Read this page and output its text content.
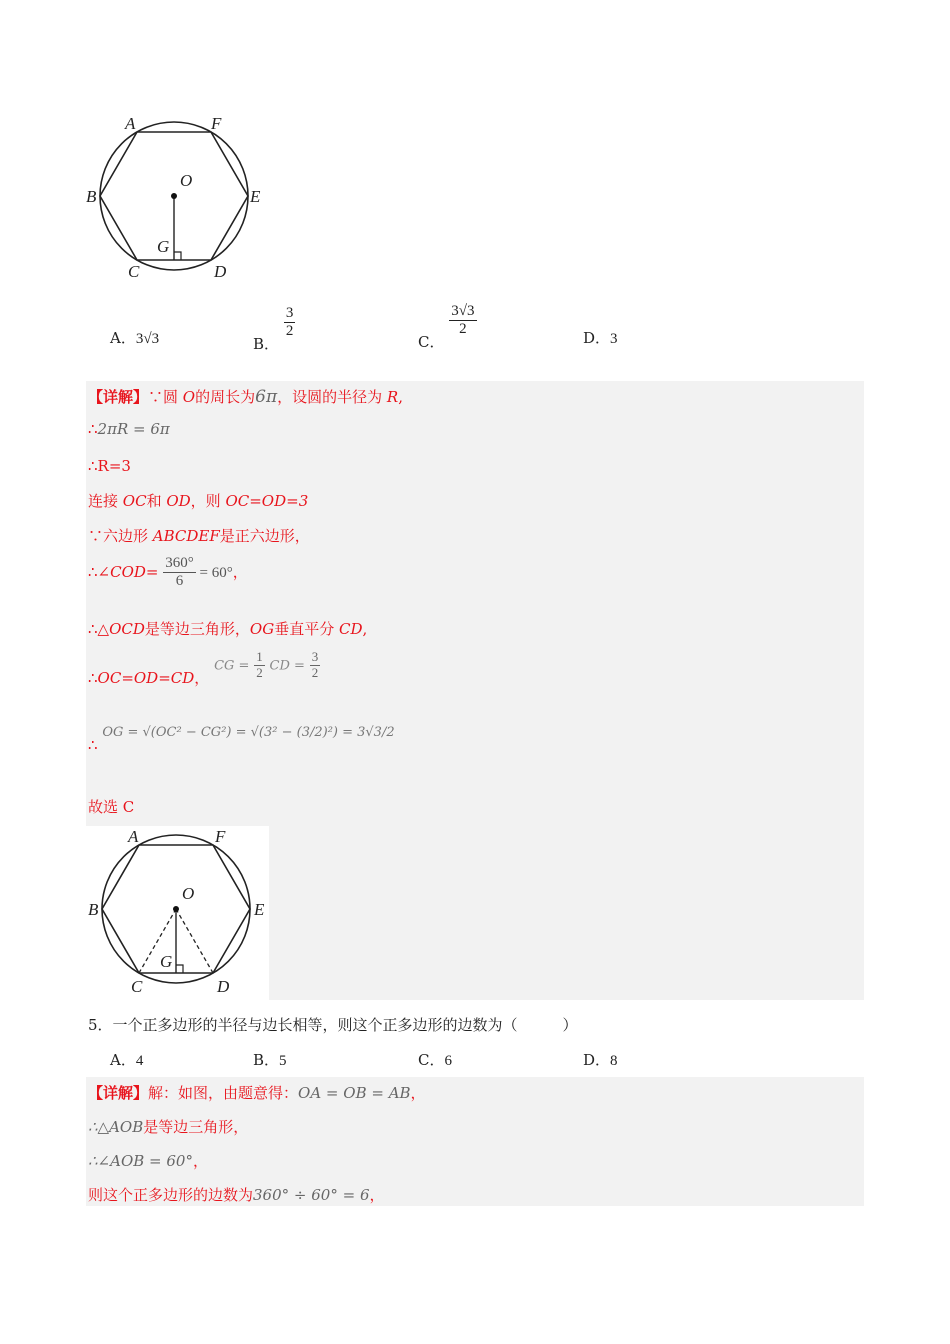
A	F
B	E
O
G
C	D
A．3√3	B．
$\frac{3}{2}$
C．
$\frac{3√3}{2}$	D．3
【详解】∵圆 O的周长为6π，设圆的半径为 R,
∴2πR = 6π
∴R=3
连接 OC和 OD，则 OC=OD=3
∵六边形 ABCDEF是正六边形，
∴∠COD= $\frac{360^\circ}{6} = 60^\circ$，
∴△OCD是等边三角形，OG垂直平分 CD,
∴OC=OD=CD， CG = $\frac{1}{2}$ CD = $\frac{3}{2}$
∴ OG = √(OC² − CG²) = √(3² − (3/2)²) = 3√3/2
故选 C
A	F
B	E
O
G
C	D
5．一个正多边形的半径与边长相等，则这个正多边形的边数为（　　　）
A．4	B．5	C．6	D．8
【详解】解：如图，由题意得：OA = OB = AB，
∴△AOB是等边三角形，
∴∠AOB = 60°，
则这个正多边形的边数为360° ÷ 60° = 6，
